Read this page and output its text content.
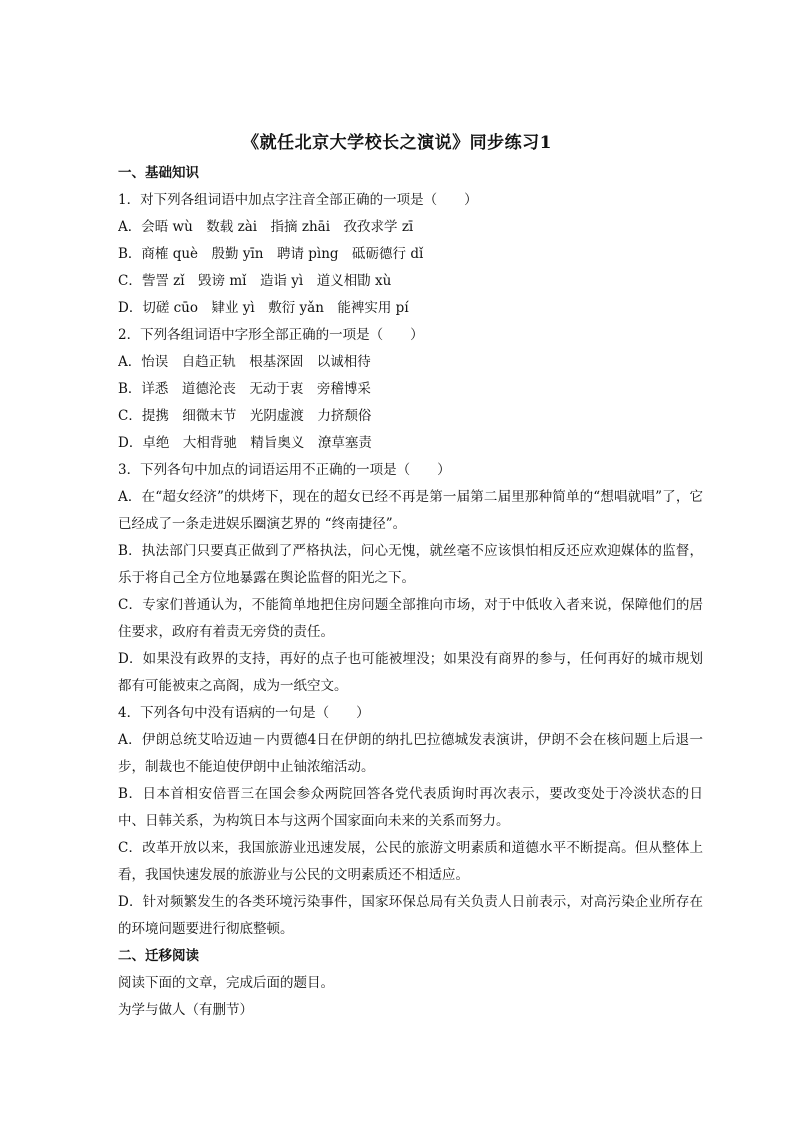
《就任北京大学校长之演说》同步练习1
一、基础知识
1．对下列各组词语中加点字注音全部正确的一项是（　　）
A．会晤 wù　数载 zài　指摘 zhāi　孜孜求学 zī
B．商榷 què　殷勤 yīn　聘请 pìng　砥砺德行 dǐ
C．訾詈 zǐ　毁谤 mǐ　造诣 yì　道义相勖 xù
D．切磋 cūo　肄业 yì　敷衍 yǎn　能裨实用 pí
2．下列各组词语中字形全部正确的一项是（　　）
A．怡误　自趋正轨　根基深固　以诚相待
B．详悉　道德沦丧　无动于衷　旁稽博采
C．提携　细微末节　光阴虚渡　力挤颓俗
D．卓绝　大相背驰　精旨奥义　潦草塞责
3．下列各句中加点的词语运用不正确的一项是（　　）
A．在“超女经济”的烘烤下，现在的超女已经不再是第一届第二届里那种简单的“想唱就唱”了，它已经成了一条走进娱乐圈演艺界的 “终南捷径”。
B．执法部门只要真正做到了严格执法，问心无愧，就丝毫不应该惧怕相反还应欢迎媒体的监督，乐于将自己全方位地暴露在舆论监督的阳光之下。
C．专家们普通认为，不能简单地把住房问题全部推向市场，对于中低收入者来说，保障他们的居住要求，政府有着责无旁贷的责任。
D．如果没有政界的支持，再好的点子也可能被埋没；如果没有商界的参与，任何再好的城市规划都有可能被束之高阁，成为一纸空文。
4．下列各句中没有语病的一句是（　　）
A．伊朗总统艾哈迈迪－内贾德4日在伊朗的纳扎巴拉德城发表演讲，伊朗不会在核问题上后退一步，制裁也不能迫使伊朗中止铀浓缩活动。
B．日本首相安倍晋三在国会参众两院回答各党代表质询时再次表示，要改变处于冷淡状态的日中、日韩关系，为构筑日本与这两个国家面向未来的关系而努力。
C．改革开放以来，我国旅游业迅速发展，公民的旅游文明素质和道德水平不断提高。但从整体上看，我国快速发展的旅游业与公民的文明素质还不相适应。
D．针对频繁发生的各类环境污染事件，国家环保总局有关负责人日前表示，对高污染企业所存在的环境问题要进行彻底整顿。
二、迁移阅读
阅读下面的文章，完成后面的题目。
为学与做人（有删节）
